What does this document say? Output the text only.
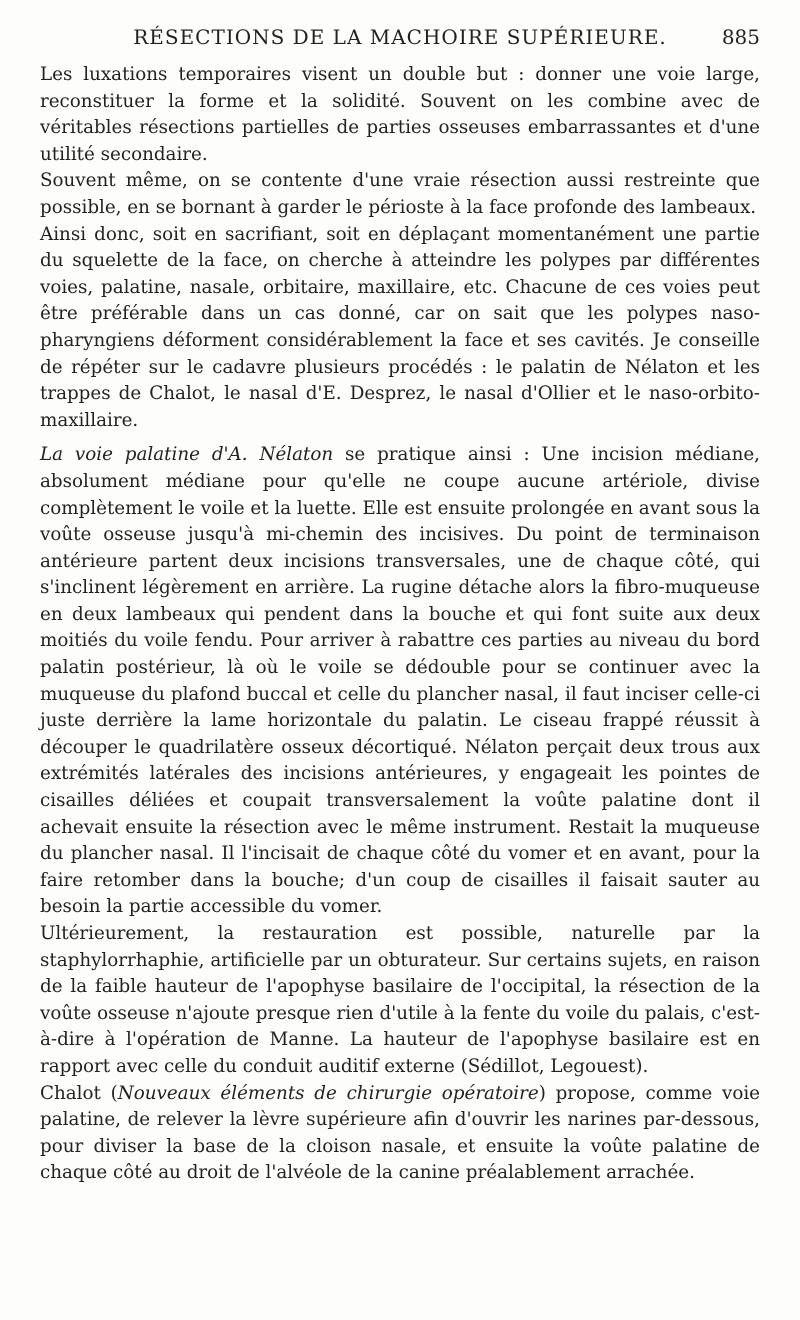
RÉSECTIONS DE LA MACHOIRE SUPÉRIEURE.	885

Les luxations temporaires visent un double but : donner une voie large, reconstituer la forme et la solidité. Souvent on les combine avec de véritables résections partielles de parties osseuses embarrassantes et d'une utilité secondaire.

Souvent même, on se contente d'une vraie résection aussi restreinte que possible, en se bornant à garder le périoste à la face profonde des lambeaux.

Ainsi donc, soit en sacrifiant, soit en déplaçant momentanément une partie du squelette de la face, on cherche à atteindre les polypes par différentes voies, palatine, nasale, orbitaire, maxillaire, etc. Chacune de ces voies peut être préférable dans un cas donné, car on sait que les polypes naso-pharyngiens déforment considérablement la face et ses cavités. Je conseille de répéter sur le cadavre plusieurs procédés : le palatin de Nélaton et les trappes de Chalot, le nasal d'E. Desprez, le nasal d'Ollier et le naso-orbito-maxillaire.

La voie palatine d'A. Nélaton se pratique ainsi : Une incision médiane, absolument médiane pour qu'elle ne coupe aucune artériole, divise complètement le voile et la luette. Elle est ensuite prolongée en avant sous la voûte osseuse jusqu'à mi-chemin des incisives. Du point de terminaison antérieure partent deux incisions transversales, une de chaque côté, qui s'inclinent légèrement en arrière. La rugine détache alors la fibro-muqueuse en deux lambeaux qui pendent dans la bouche et qui font suite aux deux moitiés du voile fendu. Pour arriver à rabattre ces parties au niveau du bord palatin postérieur, là où le voile se dédouble pour se continuer avec la muqueuse du plafond buccal et celle du plancher nasal, il faut inciser celle-ci juste derrière la lame horizontale du palatin. Le ciseau frappé réussit à découper le quadrilatère osseux décortiqué. Nélaton perçait deux trous aux extrémités latérales des incisions antérieures, y engageait les pointes de cisailles déliées et coupait transversalement la voûte palatine dont il achevait ensuite la résection avec le même instrument. Restait la muqueuse du plancher nasal. Il l'incisait de chaque côté du vomer et en avant, pour la faire retomber dans la bouche; d'un coup de cisailles il faisait sauter au besoin la partie accessible du vomer.

Ultérieurement, la restauration est possible, naturelle par la staphylorrhaphie, artificielle par un obturateur. Sur certains sujets, en raison de la faible hauteur de l'apophyse basilaire de l'occipital, la résection de la voûte osseuse n'ajoute presque rien d'utile à la fente du voile du palais, c'est-à-dire à l'opération de Manne. La hauteur de l'apophyse basilaire est en rapport avec celle du conduit auditif externe (Sédillot, Legouest).

Chalot (Nouveaux éléments de chirurgie opératoire) propose, comme voie palatine, de relever la lèvre supérieure afin d'ouvrir les narines par-dessous, pour diviser la base de la cloison nasale, et ensuite la voûte palatine de chaque côté au droit de l'alvéole de la canine préalablement arrachée.
